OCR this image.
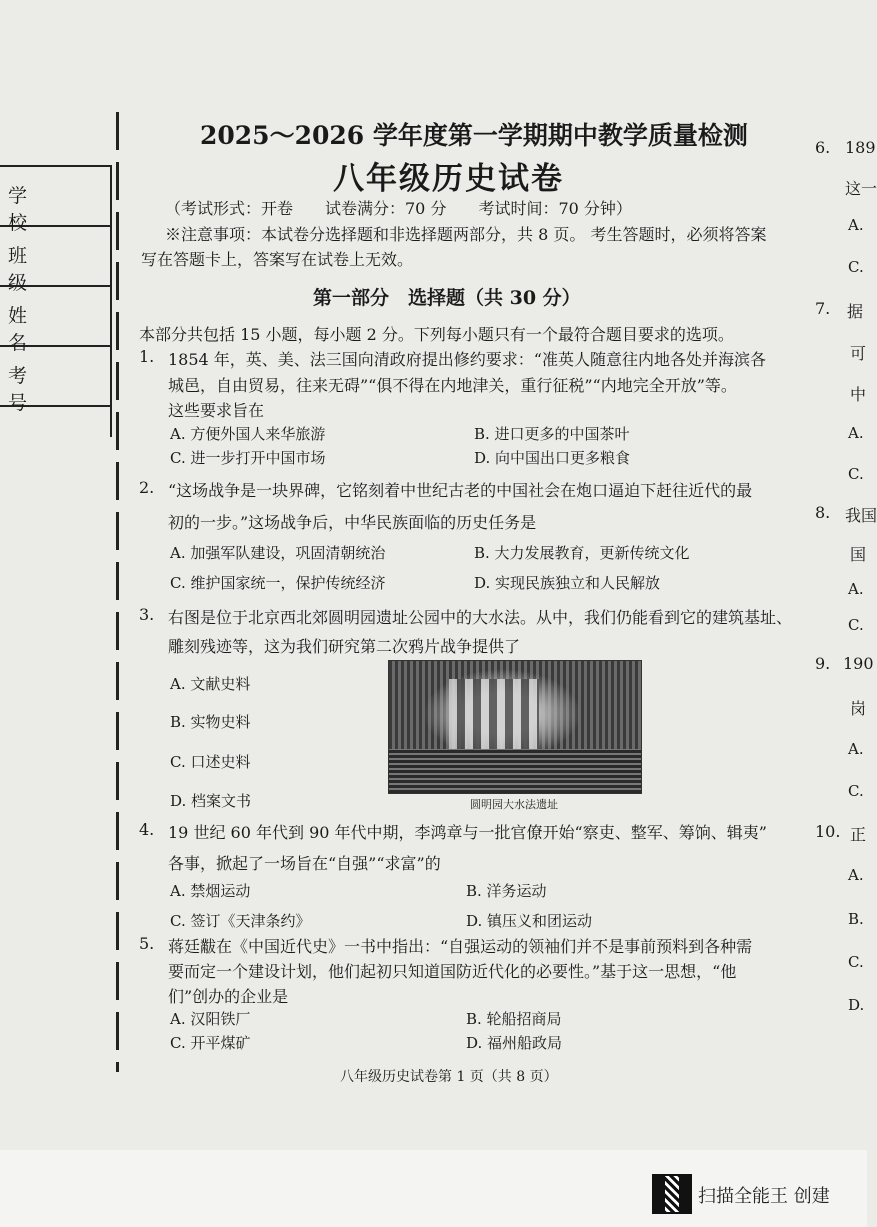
学校
班级
姓名
考号
2025～2026 学年度第一学期期中教学质量检测
八年级历史试卷
（考试形式：开卷　　试卷满分：70 分　　考试时间：70 分钟）
※注意事项：本试卷分选择题和非选择题两部分，共 8 页。 考生答题时，必须将答案
写在答题卡上，答案写在试卷上无效。
第一部分　选择题（共 30 分）
本部分共包括 15 小题，每小题 2 分。下列每小题只有一个最符合题目要求的选项。
1. 1854 年，英、美、法三国向清政府提出修约要求：“准英人随意往内地各处并海滨各
城邑，自由贸易，往来无碍”“俱不得在内地津关，重行征税”“内地完全开放”等。
这些要求旨在
A. 方便外国人来华旅游	B. 进口更多的中国茶叶
C. 进一步打开中国市场	D. 向中国出口更多粮食
2. “这场战争是一块界碑，它铭刻着中世纪古老的中国社会在炮口逼迫下赶往近代的最
初的一步。”这场战争后，中华民族面临的历史任务是
A. 加强军队建设，巩固清朝统治	B. 大力发展教育，更新传统文化
C. 维护国家统一，保护传统经济	D. 实现民族独立和人民解放
3. 右图是位于北京西北郊圆明园遗址公园中的大水法。从中，我们仍能看到它的建筑基址、
雕刻残迹等，这为我们研究第二次鸦片战争提供了
A. 文献史料
B. 实物史料
C. 口述史料
D. 档案文书	圆明园大水法遗址
4. 19 世纪 60 年代到 90 年代中期，李鸿章与一批官僚开始“察吏、整军、筹饷、辑夷”
各事，掀起了一场旨在“自强”“求富”的
A. 禁烟运动	B. 洋务运动
C. 签订《天津条约》	D. 镇压义和团运动
5. 蒋廷黻在《中国近代史》一书中指出：“自强运动的领袖们并不是事前预料到各种需
要而定一个建设计划，他们起初只知道国防近代化的必要性。”基于这一思想，“他
们”创办的企业是
A. 汉阳铁厂	B. 轮船招商局
C. 开平煤矿	D. 福州船政局
八年级历史试卷第 1 页（共 8 页）
6. 189
这一
A.
C.
7. 据
可
中
A.
C.
8. 我国
国
A.
C.
9. 190
岗
A.
C.
10. 正
A.
B.
C.
D.
扫描全能王 创建
